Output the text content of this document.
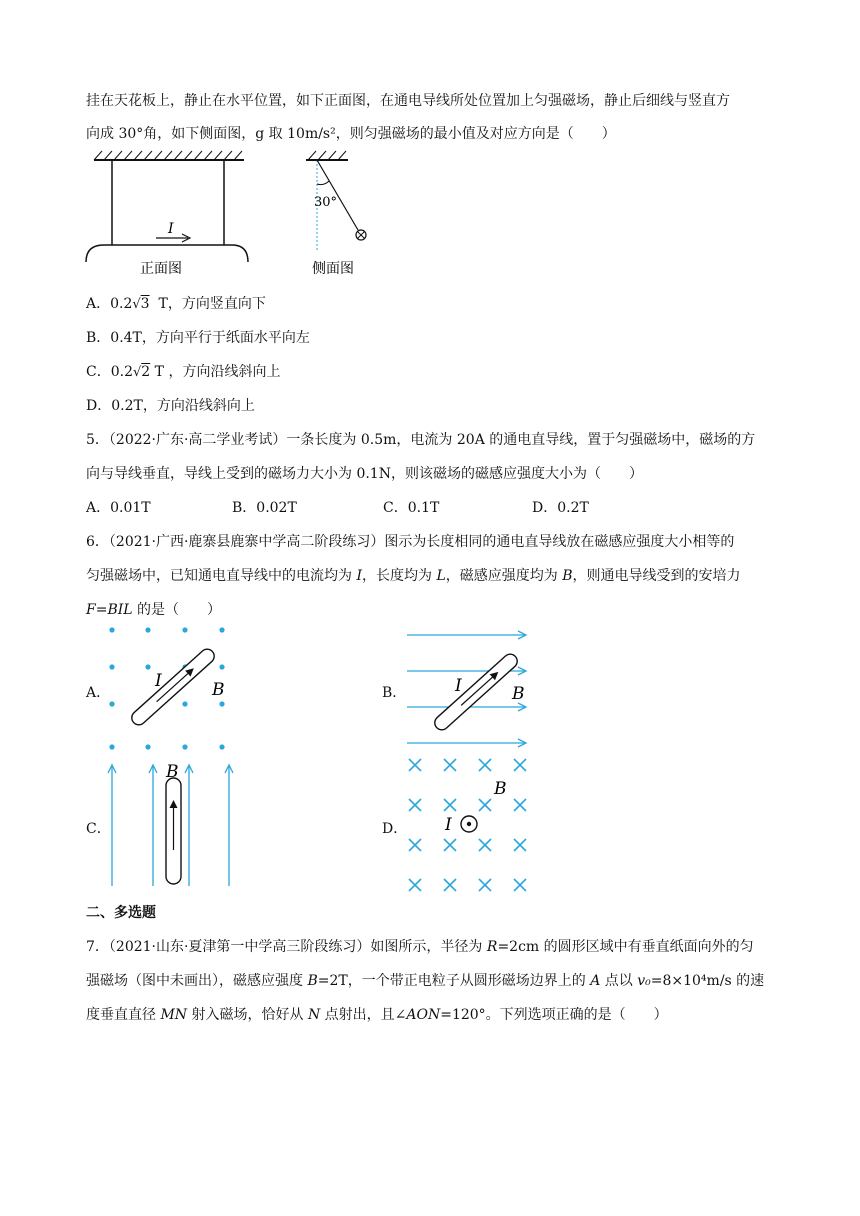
挂在天花板上，静止在水平位置，如下正面图，在通电导线所处位置加上匀强磁场，静止后细线与竖直方
向成 30°角，如下侧面图，g 取 10m/s²，则匀强磁场的最小值及对应方向是（　　）
I
正面图
30°
侧面图
A．0.2√3 T，方向竖直向下
B．0.4T，方向平行于纸面水平向左
C．0.2√2 T ，方向沿线斜向上
D．0.2T，方向沿线斜向上
5．（2022·广东·高二学业考试）一条长度为 0.5m，电流为 20A 的通电直导线，置于匀强磁场中，磁场的方
向与导线垂直，导线上受到的磁场力大小为 0.1N，则该磁场的磁感应强度大小为（　　）
A．0.01T	B．0.02T	C．0.1T	D．0.2T
6．（2021·广西·鹿寨县鹿寨中学高二阶段练习）图示为长度相同的通电直导线放在磁感应强度大小相等的
匀强磁场中，已知通电直导线中的电流均为 I，长度均为 L，磁感应强度均为 B，则通电导线受到的安培力
F=BIL 的是（　　）
A．
I	B	B．	I	B
C．
B
D． I
B
二、多选题
7．（2021·山东·夏津第一中学高三阶段练习）如图所示，半径为 R=2cm 的圆形区域中有垂直纸面向外的匀
强磁场（图中未画出），磁感应强度 B=2T，一个带正电粒子从圆形磁场边界上的 A 点以 v₀=8×10⁴m/s 的速
度垂直直径 MN 射入磁场，恰好从 N 点射出，且∠AON=120°。下列选项正确的是（　　）
